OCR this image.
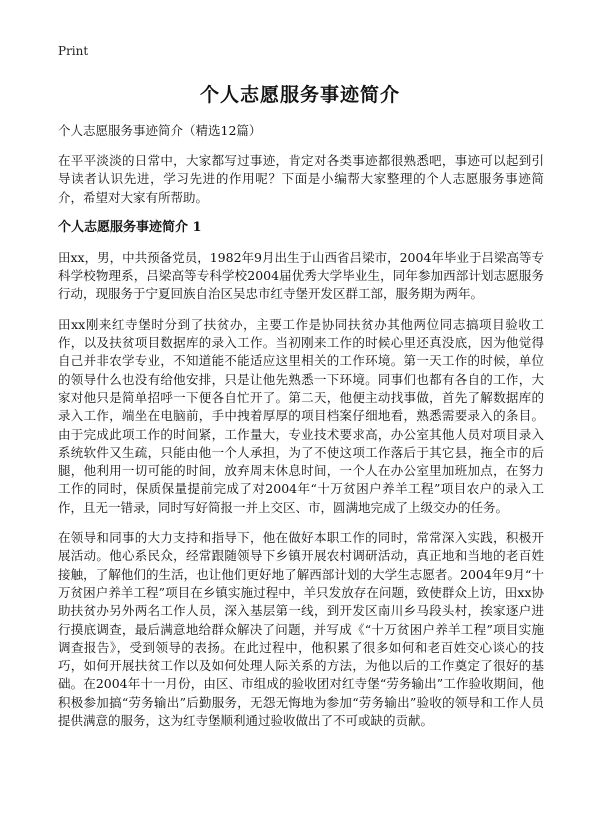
Print
个人志愿服务事迹简介

个人志愿服务事迹简介（精选12篇）

在平平淡淡的日常中，大家都写过事迹，肯定对各类事迹都很熟悉吧，事迹可以起到引导读者认识先进，学习先进的作用呢？下面是小编帮大家整理的个人志愿服务事迹简介，希望对大家有所帮助。

个人志愿服务事迹简介 1

田xx，男，中共预备党员，1982年9月出生于山西省吕梁市，2004年毕业于吕梁高等专科学校物理系，吕梁高等专科学校2004届优秀大学毕业生，同年参加西部计划志愿服务行动，现服务于宁夏回族自治区吴忠市红寺堡开发区群工部，服务期为两年。

田xx刚来红寺堡时分到了扶贫办，主要工作是协同扶贫办其他两位同志搞项目验收工作，以及扶贫项目数据库的录入工作。当初刚来工作的时候心里还真没底，因为他觉得自己并非农学专业，不知道能不能适应这里相关的工作环境。第一天工作的时候，单位的领导什么也没有给他安排，只是让他先熟悉一下环境。同事们也都有各自的工作，大家对他只是简单招呼一下便各自忙开了。第二天，他便主动找事做，首先了解数据库的录入工作，端坐在电脑前，手中拽着厚厚的项目档案仔细地看，熟悉需要录入的条目。由于完成此项工作的时间紧，工作量大，专业技术要求高，办公室其他人员对项目录入系统软件又生疏，只能由他一个人承担，为了不使这项工作落后于其它县，拖全市的后腿，他利用一切可能的时间，放弃周末休息时间，一个人在办公室里加班加点，在努力工作的同时，保质保量提前完成了对2004年“十万贫困户养羊工程”项目农户的录入工作，且无一错录，同时写好简报一并上交区、市，圆满地完成了上级交办的任务。

在领导和同事的大力支持和指导下，他在做好本职工作的同时，常常深入实践，积极开展活动。他心系民众，经常跟随领导下乡镇开展农村调研活动，真正地和当地的老百姓接触，了解他们的生活，也让他们更好地了解西部计划的大学生志愿者。2004年9月“十万贫困户养羊工程”项目在乡镇实施过程中，羊只发放存在问题，致使群众上访，田xx协助扶贫办另外两名工作人员，深入基层第一线，到开发区南川乡马段头村，挨家逐户进行摸底调查，最后满意地给群众解决了问题，并写成《“十万贫困户养羊工程”项目实施调查报告》，受到领导的表扬。在此过程中，他积累了很多如何和老百姓交心谈心的技巧，如何开展扶贫工作以及如何处理人际关系的方法，为他以后的工作奠定了很好的基础。在2004年十一月份，由区、市组成的验收团对红寺堡“劳务输出”工作验收期间，他积极参加搞“劳务输出”后勤服务，无怨无悔地为参加“劳务输出”验收的领导和工作人员提供满意的服务，这为红寺堡顺利通过验收做出了不可或缺的贡献。
